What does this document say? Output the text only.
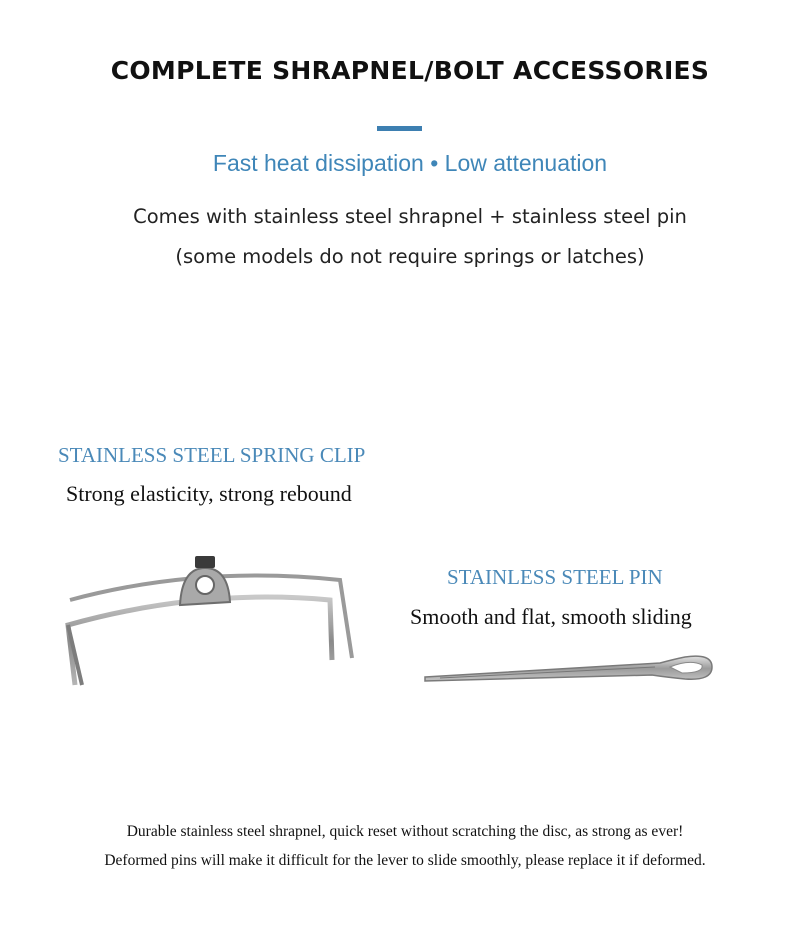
COMPLETE SHRAPNEL/BOLT ACCESSORIES
Fast heat dissipation • Low attenuation
Comes with stainless steel shrapnel + stainless steel pin
(some models do not require springs or latches)
STAINLESS STEEL SPRING CLIP
Strong elasticity, strong rebound
STAINLESS STEEL PIN
Smooth and flat, smooth sliding
Durable stainless steel shrapnel, quick reset without scratching the disc, as strong as ever!
Deformed pins will make it difficult for the lever to slide smoothly, please replace it if deformed.
